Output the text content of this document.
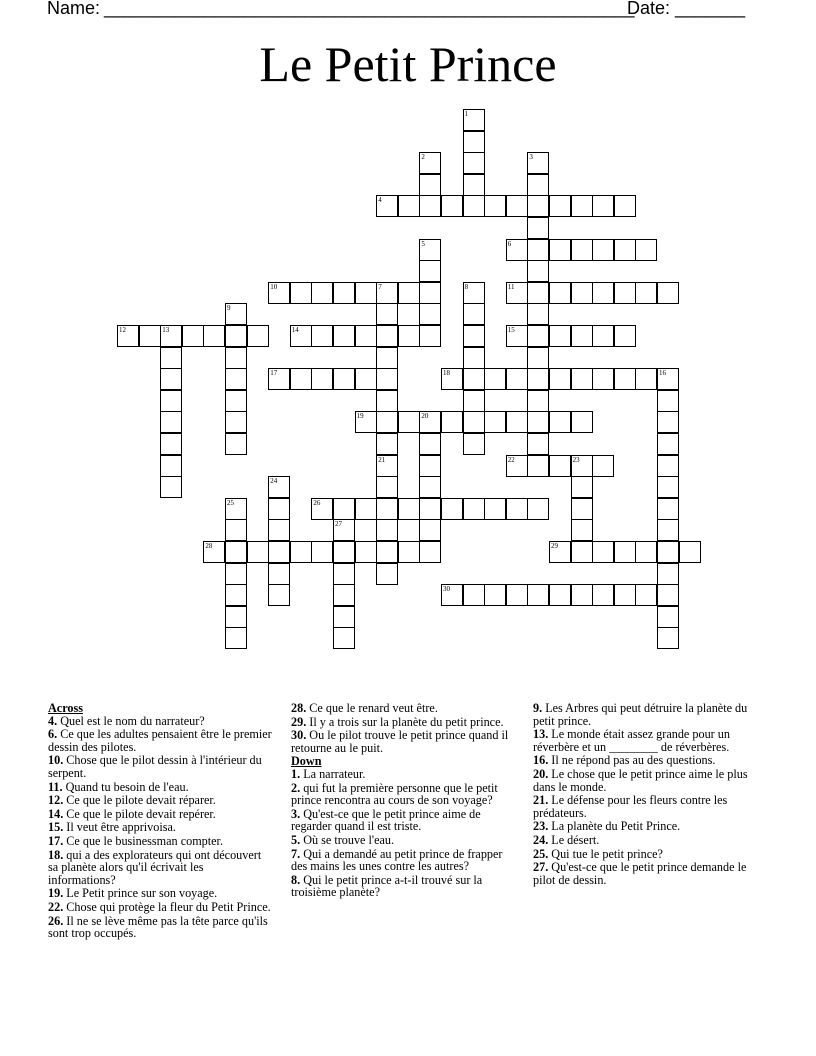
Name: _____________________________________________________
Date: _______
Le Petit Prince
4
6
10	7	11
12	13	14	15
17	18	16
19	20
22	23
26
28	29
30
1
2	3
5
8
9
21
24
25
27

Across

4. Quel est le nom du narrateur?

6. Ce que les adultes pensaient être le premier dessin des pilotes.

10. Chose que le pilot dessin à l'intérieur du serpent.

11. Quand tu besoin de l'eau.

12. Ce que le pilote devait réparer.

14. Ce que le pilote devait repérer.

15. Il veut être apprivoisa.

17. Ce que le businessman compter.

18. qui a des explorateurs qui ont découvert sa planète alors qu'il écrivait les informations?

19. Le Petit prince sur son voyage.

22. Chose qui protège la fleur du Petit Prince.

26. Il ne se lève même pas la tête parce qu'ils sont trop occupés.

28. Ce que le renard veut être.

29. Il y a trois sur la planète du petit prince.

30. Ou le pilot trouve le petit prince quand il retourne au le puit.

Down

1. La narrateur.

2. qui fut la première personne que le petit prince rencontra au cours de son voyage?

3. Qu'est-ce que le petit prince aime de regarder quand il est triste.

5. Où se trouve l'eau.

7. Qui a demandé au petit prince de frapper des mains les unes contre les autres?

8. Qui le petit prince a-t-il trouvé sur la troisième planète?

9. Les Arbres qui peut détruire la planète du petit prince.

13. Le monde était assez grande pour un réverbère et un ________ de réverbères.

16. Il ne répond pas au des questions.

20. Le chose que le petit prince aime le plus dans le monde.

21. Le défense pour les fleurs contre les prédateurs.

23. La planète du Petit Prince.

24. Le désert.

25. Qui tue le petit prince?

27. Qu'est-ce que le petit prince demande le pilot de dessin.
